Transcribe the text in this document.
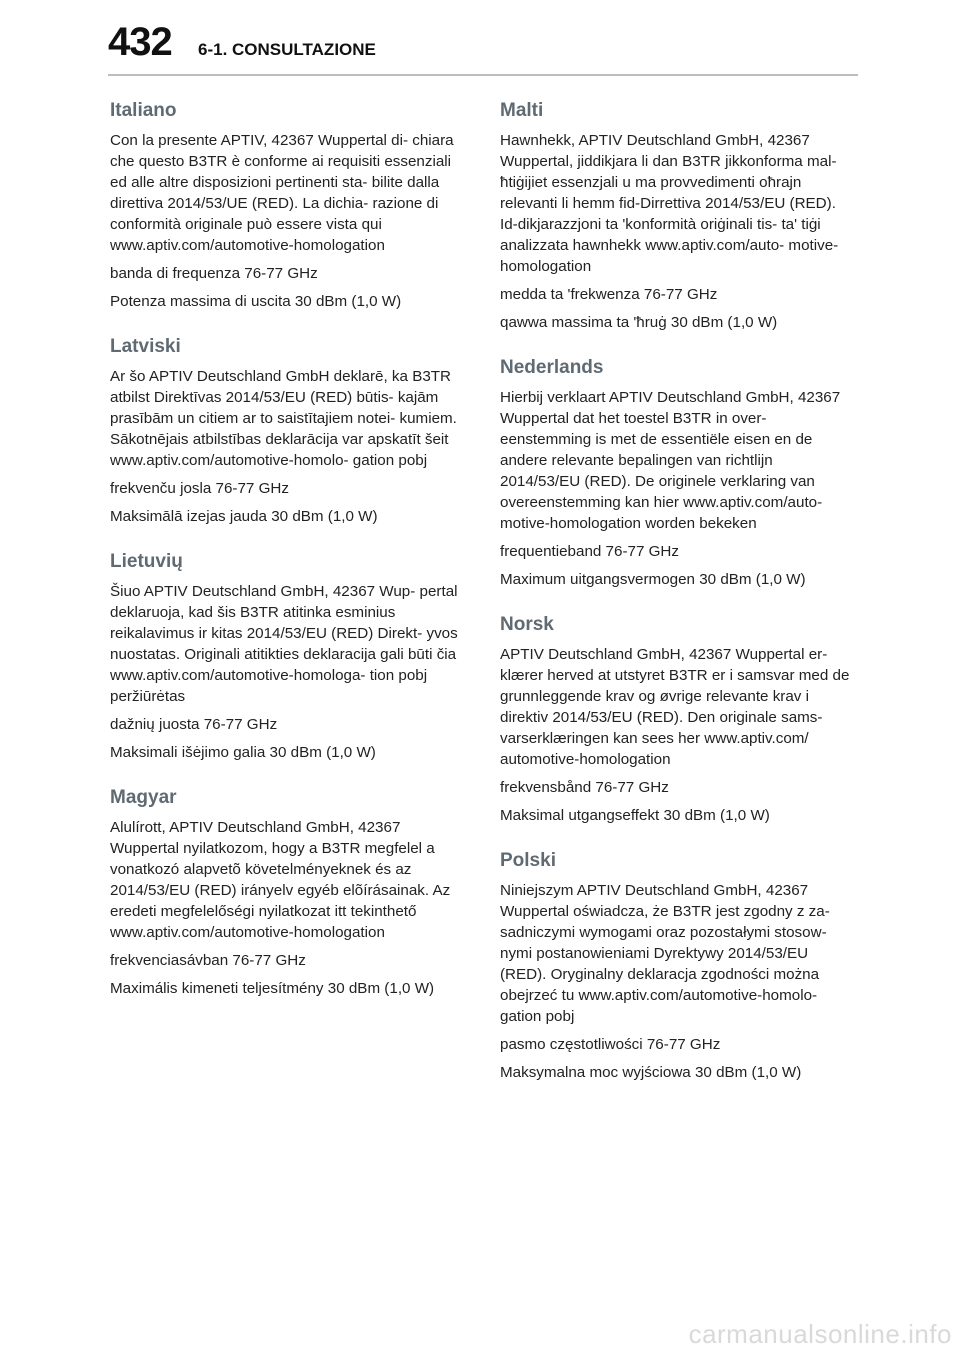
432 6-1. CONSULTAZIONE
Italiano

Con la presente APTIV, 42367 Wuppertal di- chiara che questo B3TR è conforme ai requisiti essenziali ed alle altre disposizioni pertinenti sta- bilite dalla direttiva 2014/53/UE (RED). La dichia- razione di conformità originale può essere vista qui www.aptiv.com/automotive-homologation

banda di frequenza 76-77 GHz

Potenza massima di uscita 30 dBm (1,0 W)

Latviski

Ar šo APTIV Deutschland GmbH deklarē, ka B3TR atbilst Direktīvas 2014/53/EU (RED) būtis- kajām prasībām un citiem ar to saistītajiem notei- kumiem. Sākotnējais atbilstības deklarācija var apskatīt šeit www.aptiv.com/automotive-homolo- gation pobj

frekvenču josla 76-77 GHz

Maksimālā izejas jauda 30 dBm (1,0 W)

Lietuvių

Šiuo APTIV Deutschland GmbH, 42367 Wup- pertal deklaruoja, kad šis B3TR atitinka esminius reikalavimus ir kitas 2014/53/EU (RED) Direkt- yvos nuostatas. Originali atitikties deklaracija gali būti čia www.aptiv.com/automotive-homologa- tion pobj peržiūrėtas

dažnių juosta 76-77 GHz

Maksimali išėjimo galia 30 dBm (1,0 W)

Magyar

Alulírott, APTIV Deutschland GmbH, 42367 Wuppertal nyilatkozom, hogy a B3TR megfelel a vonatkozó alapvetõ követelményeknek és az 2014/53/EU (RED) irányelv egyéb elõírásainak. Az eredeti megfelelőségi nyilatkozat itt tekinthető www.aptiv.com/automotive-homologation

frekvenciasávban 76-77 GHz

Maximális kimeneti teljesítmény 30 dBm (1,0 W)

Malti

Hawnhekk, APTIV Deutschland GmbH, 42367 Wuppertal, jiddikjara li dan B3TR jikkonforma mal-ħtiġijiet essenzjali u ma provvedimenti oħrajn relevanti li hemm fid-Dirrettiva 2014/53/EU (RED). Id-dikjarazzjoni ta 'konformità oriġinali tis- ta' tiġi analizzata hawnhekk www.aptiv.com/auto- motive-homologation

medda ta 'frekwenza 76-77 GHz

qawwa massima ta 'ħruġ 30 dBm (1,0 W)

Nederlands

Hierbij verklaart APTIV Deutschland GmbH, 42367 Wuppertal dat het toestel B3TR in over- eenstemming is met de essentiële eisen en de andere relevante bepalingen van richtlijn 2014/53/EU (RED). De originele verklaring van overeenstemming kan hier www.aptiv.com/auto- motive-homologation worden bekeken

frequentieband 76-77 GHz

Maximum uitgangsvermogen 30 dBm (1,0 W)

Norsk

APTIV Deutschland GmbH, 42367 Wuppertal er- klærer herved at utstyret B3TR er i samsvar med de grunnleggende krav og øvrige relevante krav i direktiv 2014/53/EU (RED). Den originale sams- varserklæringen kan sees her www.aptiv.com/ automotive-homologation

frekvensbånd 76-77 GHz

Maksimal utgangseffekt 30 dBm (1,0 W)

Polski

Niniejszym APTIV Deutschland GmbH, 42367 Wuppertal oświadcza, że B3TR jest zgodny z za- sadniczymi wymogami oraz pozostałymi stosow- nymi postanowieniami Dyrektywy 2014/53/EU (RED). Oryginalny deklaracja zgodności można obejrzeć tu www.aptiv.com/automotive-homolo- gation pobj

pasmo częstotliwości 76-77 GHz

Maksymalna moc wyjściowa 30 dBm (1,0 W)

carmanualsonline.info
